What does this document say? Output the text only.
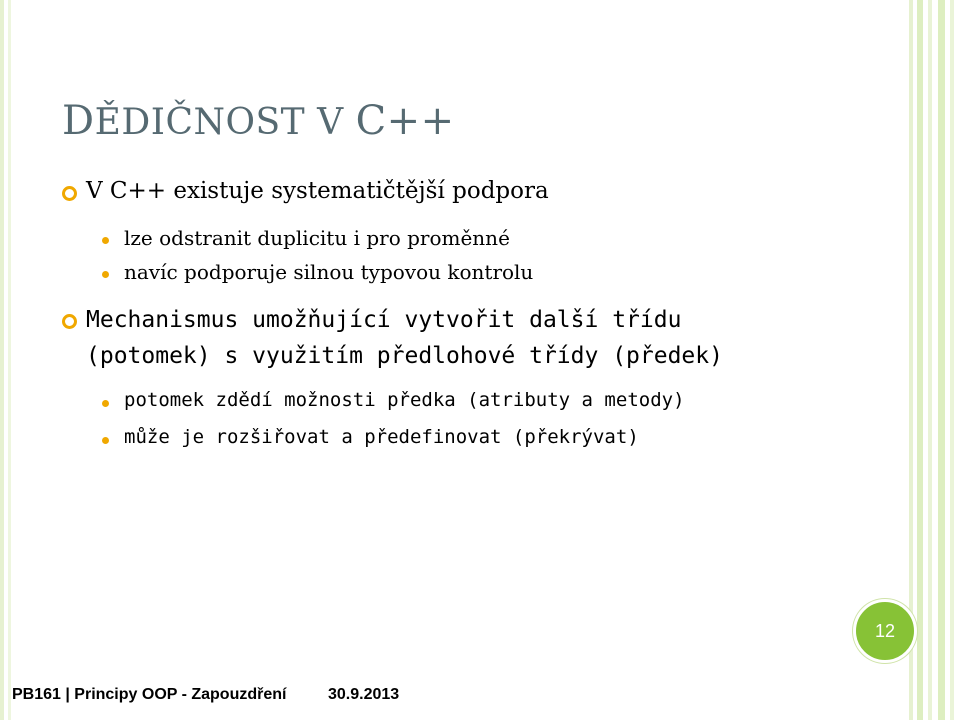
DĚDIČNOST V C++
V C++ existuje systematičtější podpora
lze odstranit duplicitu i pro proměnné
navíc podporuje silnou typovou kontrolu
Mechanismus umožňující vytvořit další třídu
(potomek) s využitím předlohové třídy (předek)
potomek zdědí možnosti předka (atributy a metody)
může je rozšiřovat a předefinovat (překrývat)
12
PB161 | Principy OOP - Zapouzdření	30.9.2013
